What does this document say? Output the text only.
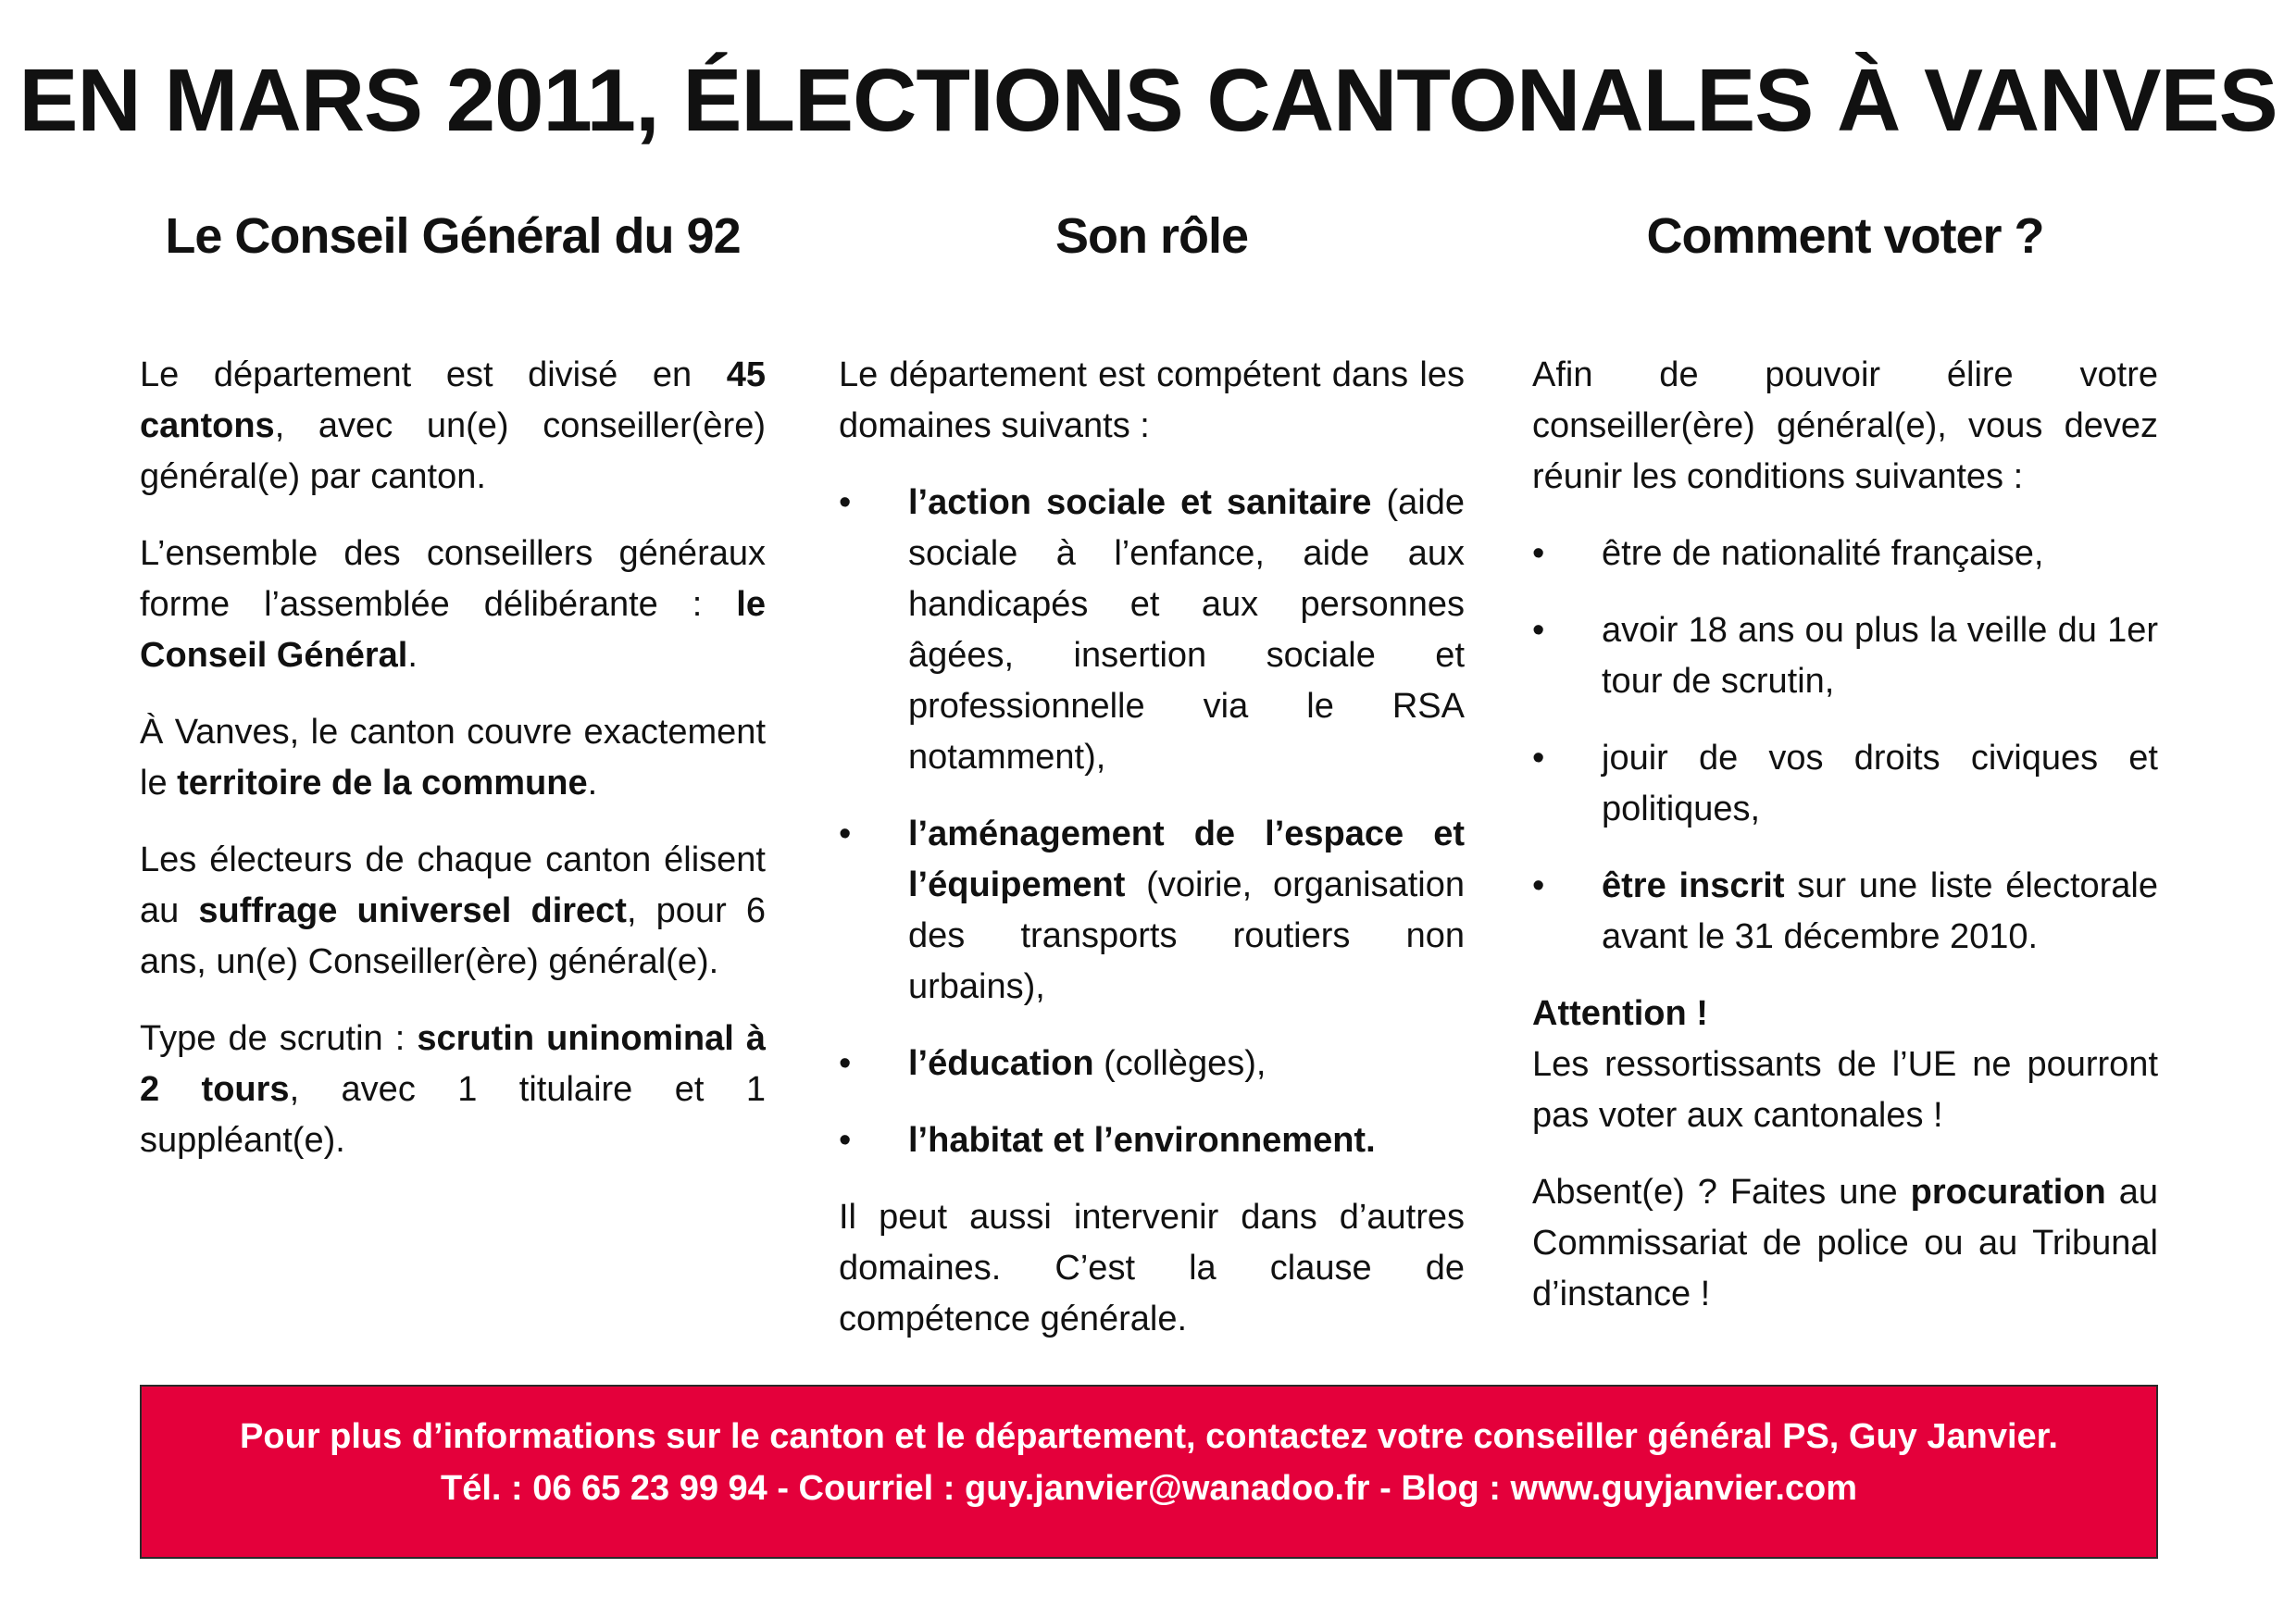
EN MARS 2011, ÉLECTIONS CANTONALES À VANVES
Le Conseil Général du 92	Son rôle	Comment voter ?

Le département est divisé en 45 cantons, avec un(e) conseiller(ère) général(e) par canton.

L’ensemble des conseillers généraux forme l’assemblée délibérante : le Conseil Général.

À Vanves, le canton couvre exactement le territoire de la commune.

Les électeurs de chaque canton élisent au suffrage universel direct, pour 6 ans, un(e) Conseiller(ère) général(e).

Type de scrutin : scrutin uninominal à 2 tours, avec 1 titulaire et 1 suppléant(e).

Le département est compétent dans les domaines suivants :

• l’action sociale et sanitaire (aide sociale à l’enfance, aide aux handicapés et aux personnes âgées, insertion sociale et professionnelle via le RSA notamment),
• l’aménagement de l’espace et l’équipement (voirie, organisation des transports routiers non urbains),
• l’éducation (collèges),
• l’habitat et l’environnement.

Il peut aussi intervenir dans d’autres domaines. C’est la clause de compétence générale.

Afin de pouvoir élire votre conseiller(ère) général(e), vous devez réunir les conditions suivantes :

• être de nationalité française,
• avoir 18 ans ou plus la veille du 1er tour de scrutin,
• jouir de vos droits civiques et politiques,
• être inscrit sur une liste électorale avant le 31 décembre 2010.

Attention !
Les ressortissants de l’UE ne pourront pas voter aux cantonales !

Absent(e) ? Faites une procuration au Commissariat de police ou au Tribunal d’instance !

Pour plus d’informations sur le canton et le département, contactez votre conseiller général PS, Guy Janvier.
Tél. : 06 65 23 99 94 - Courriel : guy.janvier@wanadoo.fr - Blog : www.guyjanvier.com
